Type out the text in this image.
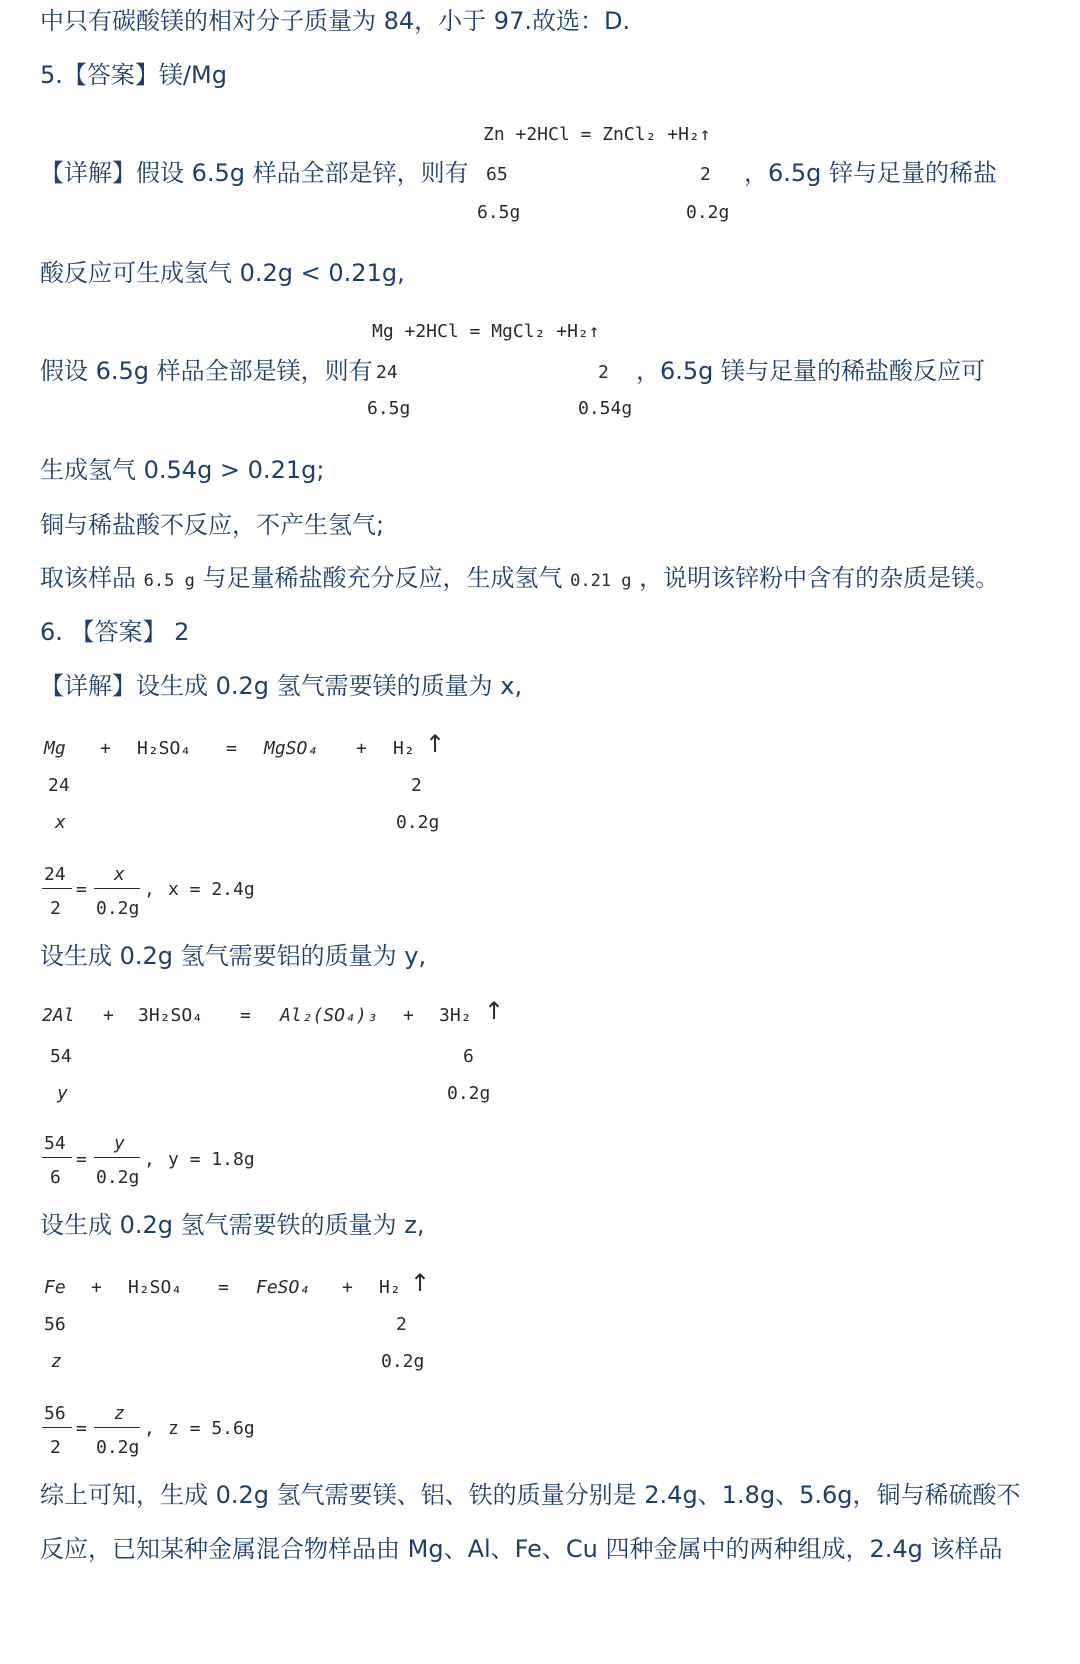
中只有碳酸镁的相对分子质量为 84，小于 97.故选：D.
5.【答案】镁/Mg
Zn +2HCl = ZnCl₂ +H₂↑
【详解】假设 6.5g 样品全部是锌，则有 65	2 ，6.5g 锌与足量的稀盐
6.5g	0.2g
酸反应可生成氢气 0.2g < 0.21g,
Mg +2HCl = MgCl₂ +H₂↑
假设 6.5g 样品全部是镁，则有 24	2 ，6.5g 镁与足量的稀盐酸反应可
6.5g	0.54g
生成氢气 0.54g > 0.21g;
铜与稀盐酸不反应，不产生氢气;
取该样品 6.5 g 与足量稀盐酸充分反应，生成氢气 0.21 g ，说明该锌粉中含有的杂质是镁。
6. 【答案】 2
【详解】设生成 0.2g 氢气需要镁的质量为 x,
Mg + H₂SO₄ = MgSO₄ + H₂ ↑
24	2
x	0.2g
24
2
=
x
0.2g
, x = 2.4g
设生成 0.2g 氢气需要铝的质量为 y,
2Al + 3H₂SO₄ = Al₂(SO₄)₃ + 3H₂ ↑
54	6
y	0.2g
54
6
=
y
0.2g
, y = 1.8g
设生成 0.2g 氢气需要铁的质量为 z,
Fe + H₂SO₄ = FeSO₄ + H₂ ↑
56	2
z	0.2g
56
2
=
z
0.2g
, z = 5.6g
综上可知，生成 0.2g 氢气需要镁、铝、铁的质量分别是 2.4g、1.8g、5.6g，铜与稀硫酸不
反应，已知某种金属混合物样品由 Mg、Al、Fe、Cu 四种金属中的两种组成，2.4g 该样品
